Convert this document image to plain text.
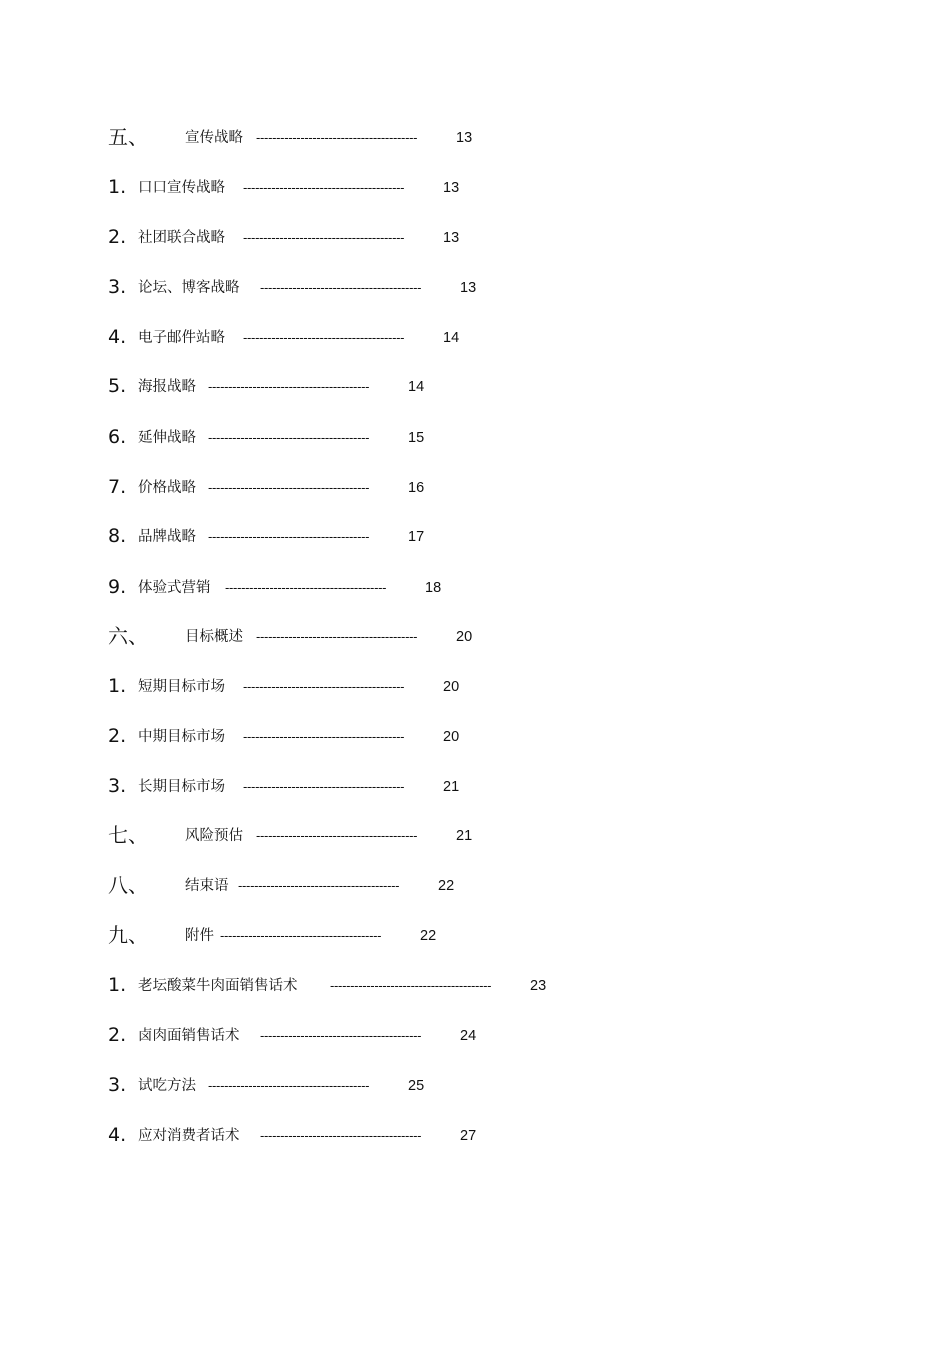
五、	宣传战略 ----------------------------------------	13
1. 口口宣传战略 ----------------------------------------	13
2. 社团联合战略 ----------------------------------------	13
3. 论坛、博客战略 ----------------------------------------	13
4. 电子邮件站略 ----------------------------------------	14
5. 海报战略 ----------------------------------------	14
6. 延伸战略 ----------------------------------------	15
7. 价格战略 ----------------------------------------	16
8. 品牌战略 ----------------------------------------	17
9. 体验式营销 ----------------------------------------	18
六、	目标概述 ----------------------------------------	20
1. 短期目标市场 ----------------------------------------	20
2. 中期目标市场 ----------------------------------------	20
3. 长期目标市场 ----------------------------------------	21
七、	风险预估 ----------------------------------------	21
八、	结束语 ----------------------------------------	22
九、	附件 ----------------------------------------	22
1. 老坛酸菜牛肉面销售话术	----------------------------------------	23
2. 卤肉面销售话术 ----------------------------------------	24
3. 试吃方法 ----------------------------------------	25
4. 应对消费者话术 ----------------------------------------	27
